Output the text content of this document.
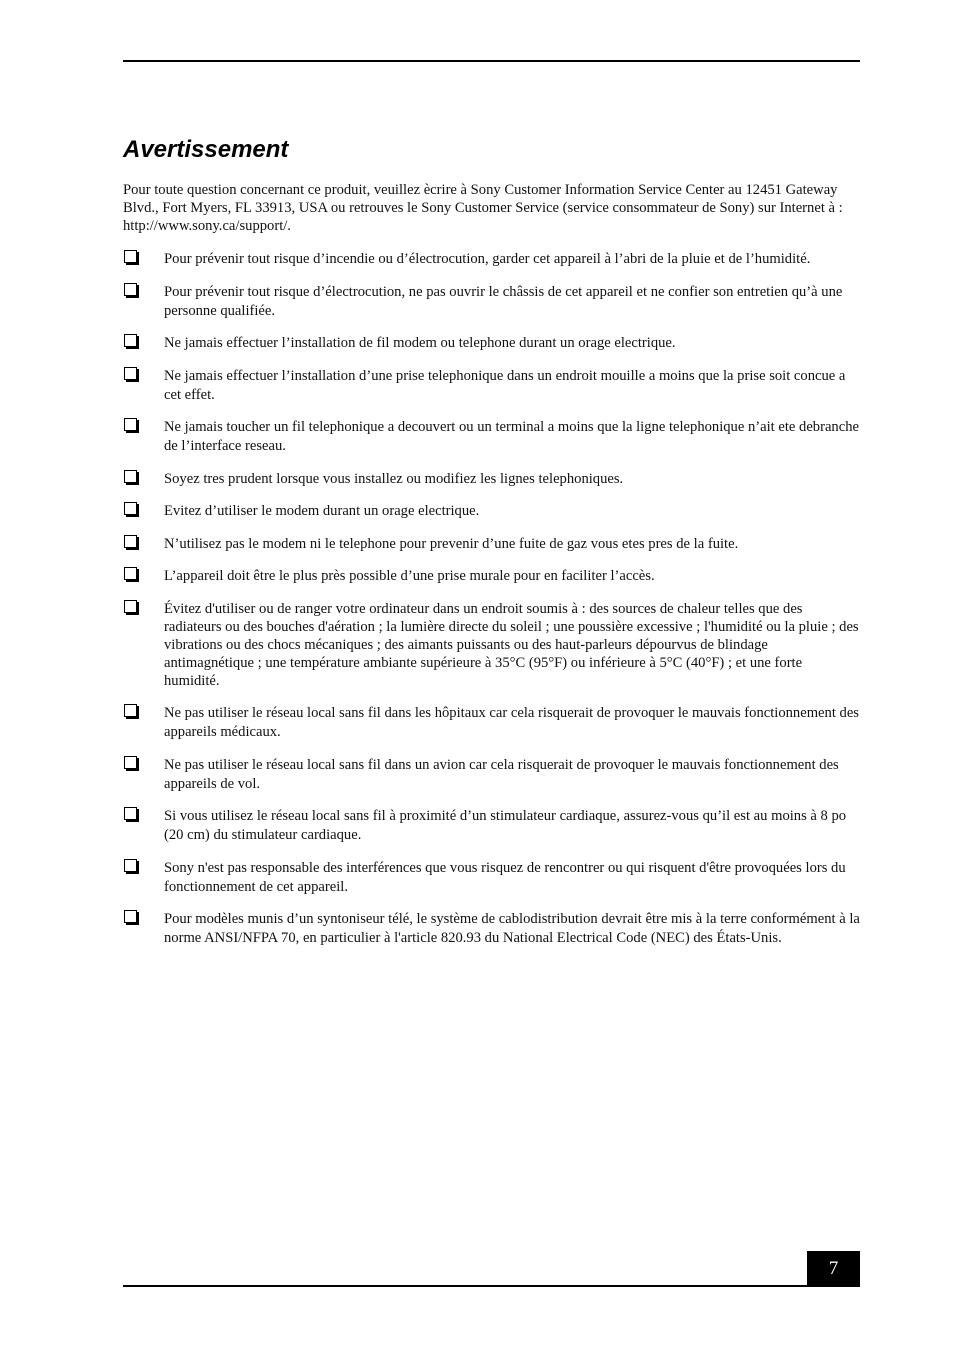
Avertissement

Pour toute question concernant ce produit, veuillez ècrire à Sony Customer Information Service Center au 12451 Gateway Blvd., Fort Myers, FL 33913, USA ou retrouves le Sony Customer Service (service consommateur de Sony) sur Internet à : http://www.sony.ca/support/.

Pour prévenir tout risque d’incendie ou d’électrocution, garder cet appareil à l’abri de la pluie et de l’humidité.
Pour prévenir tout risque d’électrocution, ne pas ouvrir le châssis de cet appareil et ne confier son entretien qu’à une personne qualifiée.
Ne jamais effectuer l’installation de fil modem ou telephone durant un orage electrique.
Ne jamais effectuer l’installation d’une prise telephonique dans un endroit mouille a moins que la prise soit concue a cet effet.
Ne jamais toucher un fil telephonique a decouvert ou un terminal a moins que la ligne telephonique n’ait ete debranche de l’interface reseau.
Soyez tres prudent lorsque vous installez ou modifiez les lignes telephoniques.
Evitez d’utiliser le modem durant un orage electrique.
N’utilisez pas le modem ni le telephone pour prevenir d’une fuite de gaz vous etes pres de la fuite.
L’appareil doit être le plus près possible d’une prise murale pour en faciliter l’accès.
Évitez d'utiliser ou de ranger votre ordinateur dans un endroit soumis à : des sources de chaleur telles que des radiateurs ou des bouches d'aération ; la lumière directe du soleil ; une poussière excessive ; l'humidité ou la pluie ; des vibrations ou des chocs mécaniques ; des aimants puissants ou des haut-parleurs dépourvus de blindage antimagnétique ; une température ambiante supérieure à 35°C (95°F) ou inférieure à 5°C (40°F) ; et une forte humidité.
Ne pas utiliser le réseau local sans fil dans les hôpitaux car cela risquerait de provoquer le mauvais fonctionnement des appareils médicaux.
Ne pas utiliser le réseau local sans fil dans un avion car cela risquerait de provoquer le mauvais fonctionnement des appareils de vol.
Si vous utilisez le réseau local sans fil à proximité d’un stimulateur cardiaque, assurez-vous qu’il est au moins à 8 po (20 cm) du stimulateur cardiaque.
Sony n'est pas responsable des interférences que vous risquez de rencontrer ou qui risquent d'être provoquées lors du fonctionnement de cet appareil.
Pour modèles munis d’un syntoniseur télé, le système de cablodistribution devrait être mis à la terre conformément à la norme ANSI/NFPA 70, en particulier à l'article 820.93 du National Electrical Code (NEC) des États-Unis.
7
